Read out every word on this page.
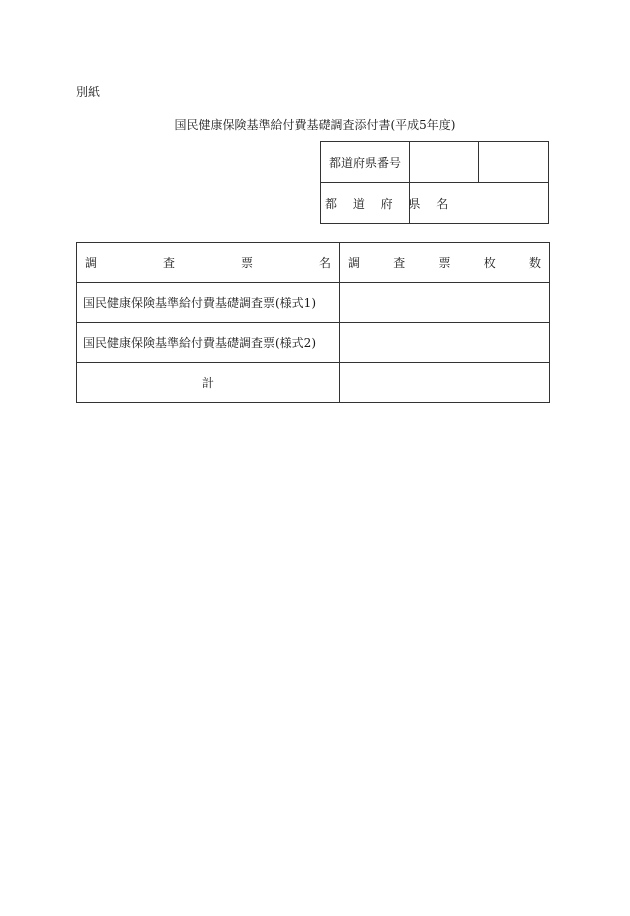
別紙
国民健康保険基準給付費基礎調査添付書(平成5年度)
都道府県番号		
都 道 府 県 名		
調 査 票 名	調 査 票 枚 数

国民健康保険基準給付費基礎調査票(様式1)	
国民健康保険基準給付費基礎調査票(様式2)	
計	
